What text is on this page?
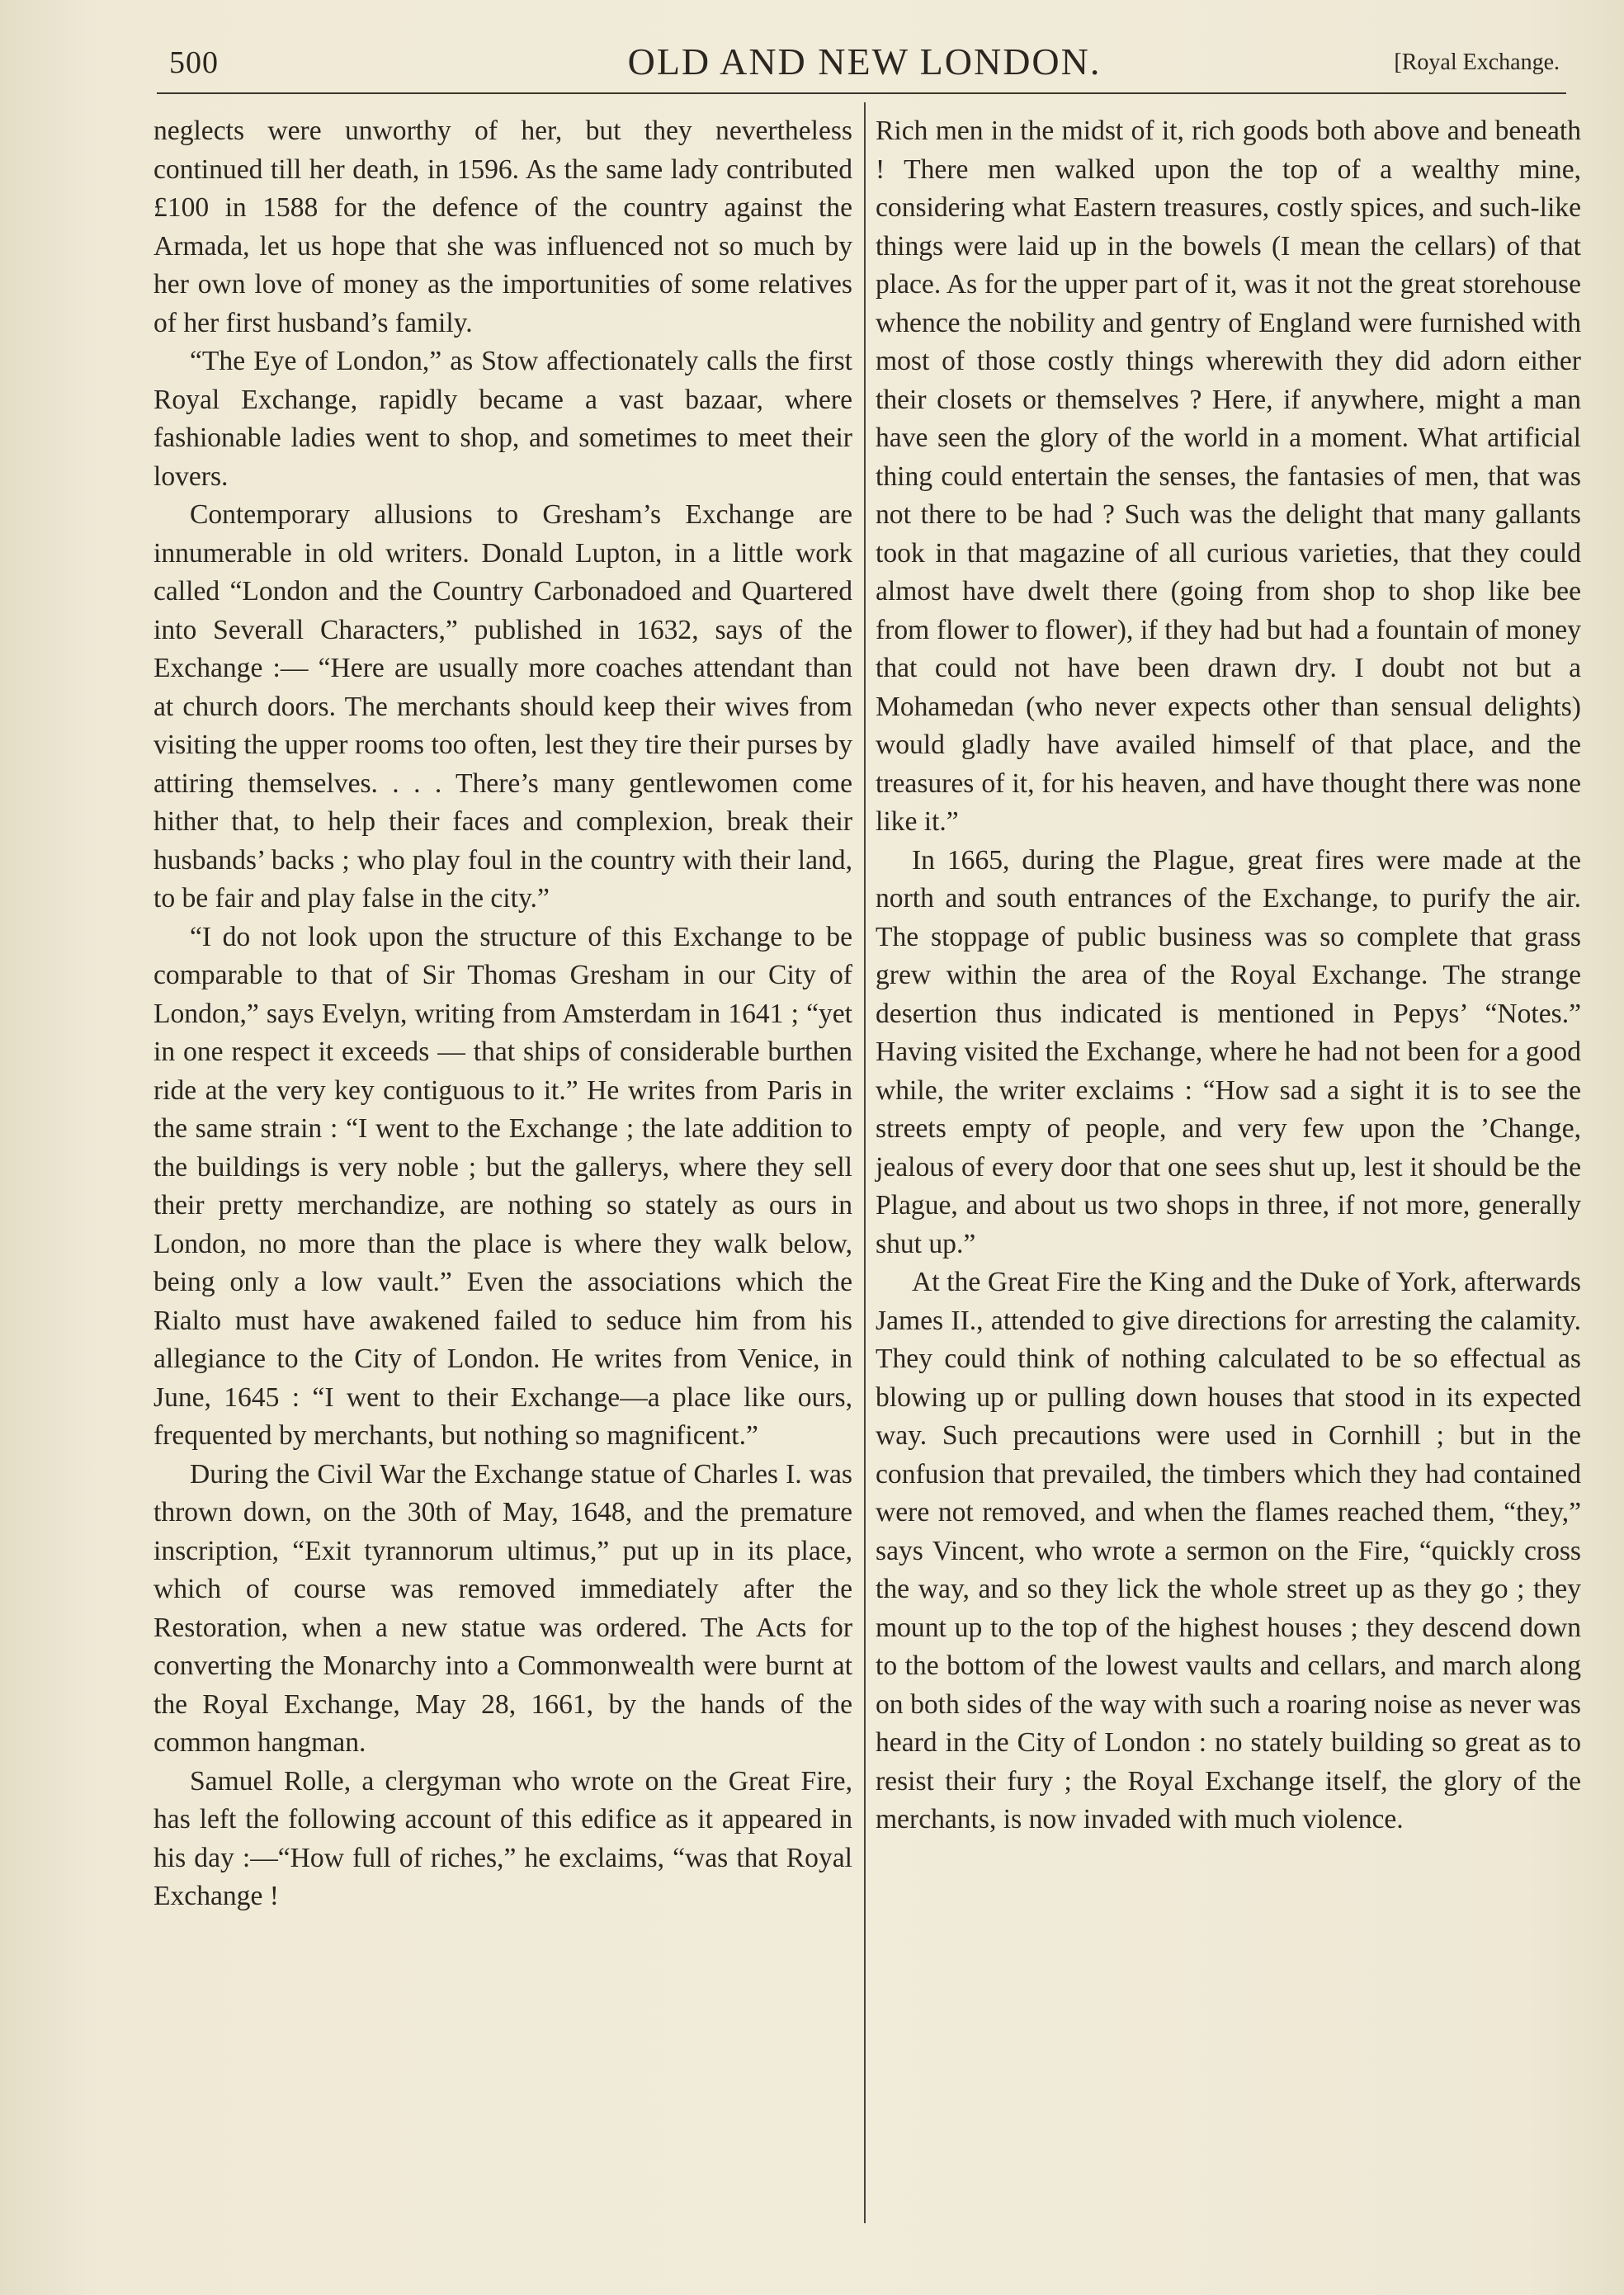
500	OLD AND NEW LONDON.	[Royal Exchange.

neglects were unworthy of her, but they nevertheless continued till her death, in 1596. As the same lady contributed £100 in 1588 for the defence of the country against the Armada, let us hope that she was influenced not so much by her own love of money as the importunities of some relatives of her first husband’s family.

“The Eye of London,” as Stow affectionately calls the first Royal Exchange, rapidly became a vast bazaar, where fashionable ladies went to shop, and sometimes to meet their lovers.

Contemporary allusions to Gresham’s Exchange are innumerable in old writers. Donald Lupton, in a little work called “London and the Country Carbonadoed and Quartered into Severall Characters,” published in 1632, says of the Exchange :— “Here are usually more coaches attendant than at church doors. The merchants should keep their wives from visiting the upper rooms too often, lest they tire their purses by attiring themselves. . . . There’s many gentlewomen come hither that, to help their faces and complexion, break their husbands’ backs ; who play foul in the country with their land, to be fair and play false in the city.”

“I do not look upon the structure of this Exchange to be comparable to that of Sir Thomas Gresham in our City of London,” says Evelyn, writing from Amsterdam in 1641 ; “yet in one respect it exceeds — that ships of considerable burthen ride at the very key contiguous to it.” He writes from Paris in the same strain : “I went to the Exchange ; the late addition to the buildings is very noble ; but the gallerys, where they sell their pretty merchandize, are nothing so stately as ours in London, no more than the place is where they walk below, being only a low vault.” Even the associations which the Rialto must have awakened failed to seduce him from his allegiance to the City of London. He writes from Venice, in June, 1645 : “I went to their Exchange—a place like ours, frequented by merchants, but nothing so magnificent.”

During the Civil War the Exchange statue of Charles I. was thrown down, on the 30th of May, 1648, and the premature inscription, “Exit tyrannorum ultimus,” put up in its place, which of course was removed immediately after the Restoration, when a new statue was ordered. The Acts for converting the Monarchy into a Commonwealth were burnt at the Royal Exchange, May 28, 1661, by the hands of the common hangman.

Samuel Rolle, a clergyman who wrote on the Great Fire, has left the following account of this edifice as it appeared in his day :—“How full of riches,” he exclaims, “was that Royal Exchange !

Rich men in the midst of it, rich goods both above and beneath ! There men walked upon the top of a wealthy mine, considering what Eastern treasures, costly spices, and such-like things were laid up in the bowels (I mean the cellars) of that place. As for the upper part of it, was it not the great storehouse whence the nobility and gentry of England were furnished with most of those costly things wherewith they did adorn either their closets or themselves ? Here, if anywhere, might a man have seen the glory of the world in a moment. What artificial thing could entertain the senses, the fantasies of men, that was not there to be had ? Such was the delight that many gallants took in that magazine of all curious varieties, that they could almost have dwelt there (going from shop to shop like bee from flower to flower), if they had but had a fountain of money that could not have been drawn dry. I doubt not but a Mohamedan (who never expects other than sensual delights) would gladly have availed himself of that place, and the treasures of it, for his heaven, and have thought there was none like it.”

In 1665, during the Plague, great fires were made at the north and south entrances of the Exchange, to purify the air. The stoppage of public business was so complete that grass grew within the area of the Royal Exchange. The strange desertion thus indicated is mentioned in Pepys’ “Notes.” Having visited the Exchange, where he had not been for a good while, the writer exclaims : “How sad a sight it is to see the streets empty of people, and very few upon the ’Change, jealous of every door that one sees shut up, lest it should be the Plague, and about us two shops in three, if not more, generally shut up.”

At the Great Fire the King and the Duke of York, afterwards James II., attended to give directions for arresting the calamity. They could think of nothing calculated to be so effectual as blowing up or pulling down houses that stood in its expected way. Such precautions were used in Cornhill ; but in the confusion that prevailed, the timbers which they had contained were not removed, and when the flames reached them, “they,” says Vincent, who wrote a sermon on the Fire, “quickly cross the way, and so they lick the whole street up as they go ; they mount up to the top of the highest houses ; they descend down to the bottom of the lowest vaults and cellars, and march along on both sides of the way with such a roaring noise as never was heard in the City of London : no stately building so great as to resist their fury ; the Royal Exchange itself, the glory of the merchants, is now invaded with much violence.
